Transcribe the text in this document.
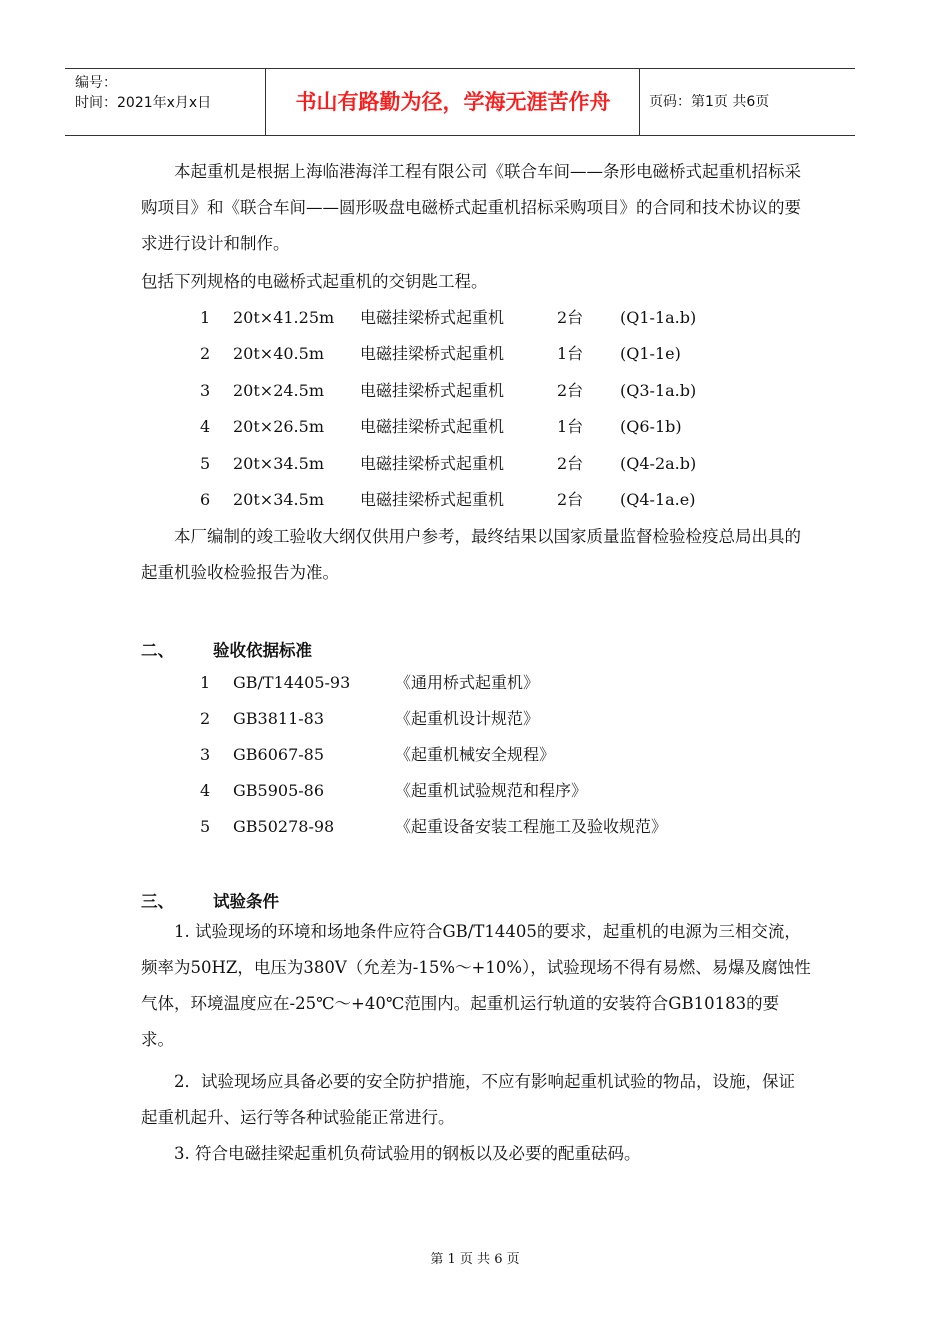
编号：
时间：2021年x月x日	书山有路勤为径，学海无涯苦作舟	页码：第1页 共6页

本起重机是根据上海临港海洋工程有限公司《联合车间——条形电磁桥式起重机招标采购项目》和《联合车间——圆形吸盘电磁桥式起重机招标采购项目》的合同和技术协议的要求进行设计和制作。

包括下列规格的电磁桥式起重机的交钥匙工程。

1 20t×41.25m 电磁挂梁桥式起重机	2台 (Q1-1a.b)
2 20t×40.5m 电磁挂梁桥式起重机	1台 (Q1-1e)
3 20t×24.5m 电磁挂梁桥式起重机	2台 (Q3-1a.b)
4 20t×26.5m 电磁挂梁桥式起重机	1台 (Q6-1b)
5 20t×34.5m 电磁挂梁桥式起重机	2台 (Q4-2a.b)
6 20t×34.5m 电磁挂梁桥式起重机	2台 (Q4-1a.e)

本厂编制的竣工验收大纲仅供用户参考，最终结果以国家质量监督检验检疫总局出具的起重机验收检验报告为准。

二、 验收依据标准
1 GB/T14405-93	《通用桥式起重机》
2 GB3811-83	《起重机设计规范》
3 GB6067-85	《起重机械安全规程》
4 GB5905-86	《起重机试验规范和程序》
5 GB50278-98	《起重设备安装工程施工及验收规范》
三、 试验条件

1. 试验现场的环境和场地条件应符合GB/T14405的要求，起重机的电源为三相交流，频率为50HZ，电压为380V（允差为-15%～+10%），试验现场不得有易燃、易爆及腐蚀性气体，环境温度应在-25℃～+40℃范围内。起重机运行轨道的安装符合GB10183的要求。

2．试验现场应具备必要的安全防护措施，不应有影响起重机试验的物品，设施，保证起重机起升、运行等各种试验能正常进行。

3. 符合电磁挂梁起重机负荷试验用的钢板以及必要的配重砝码。

第 1 页 共 6 页
